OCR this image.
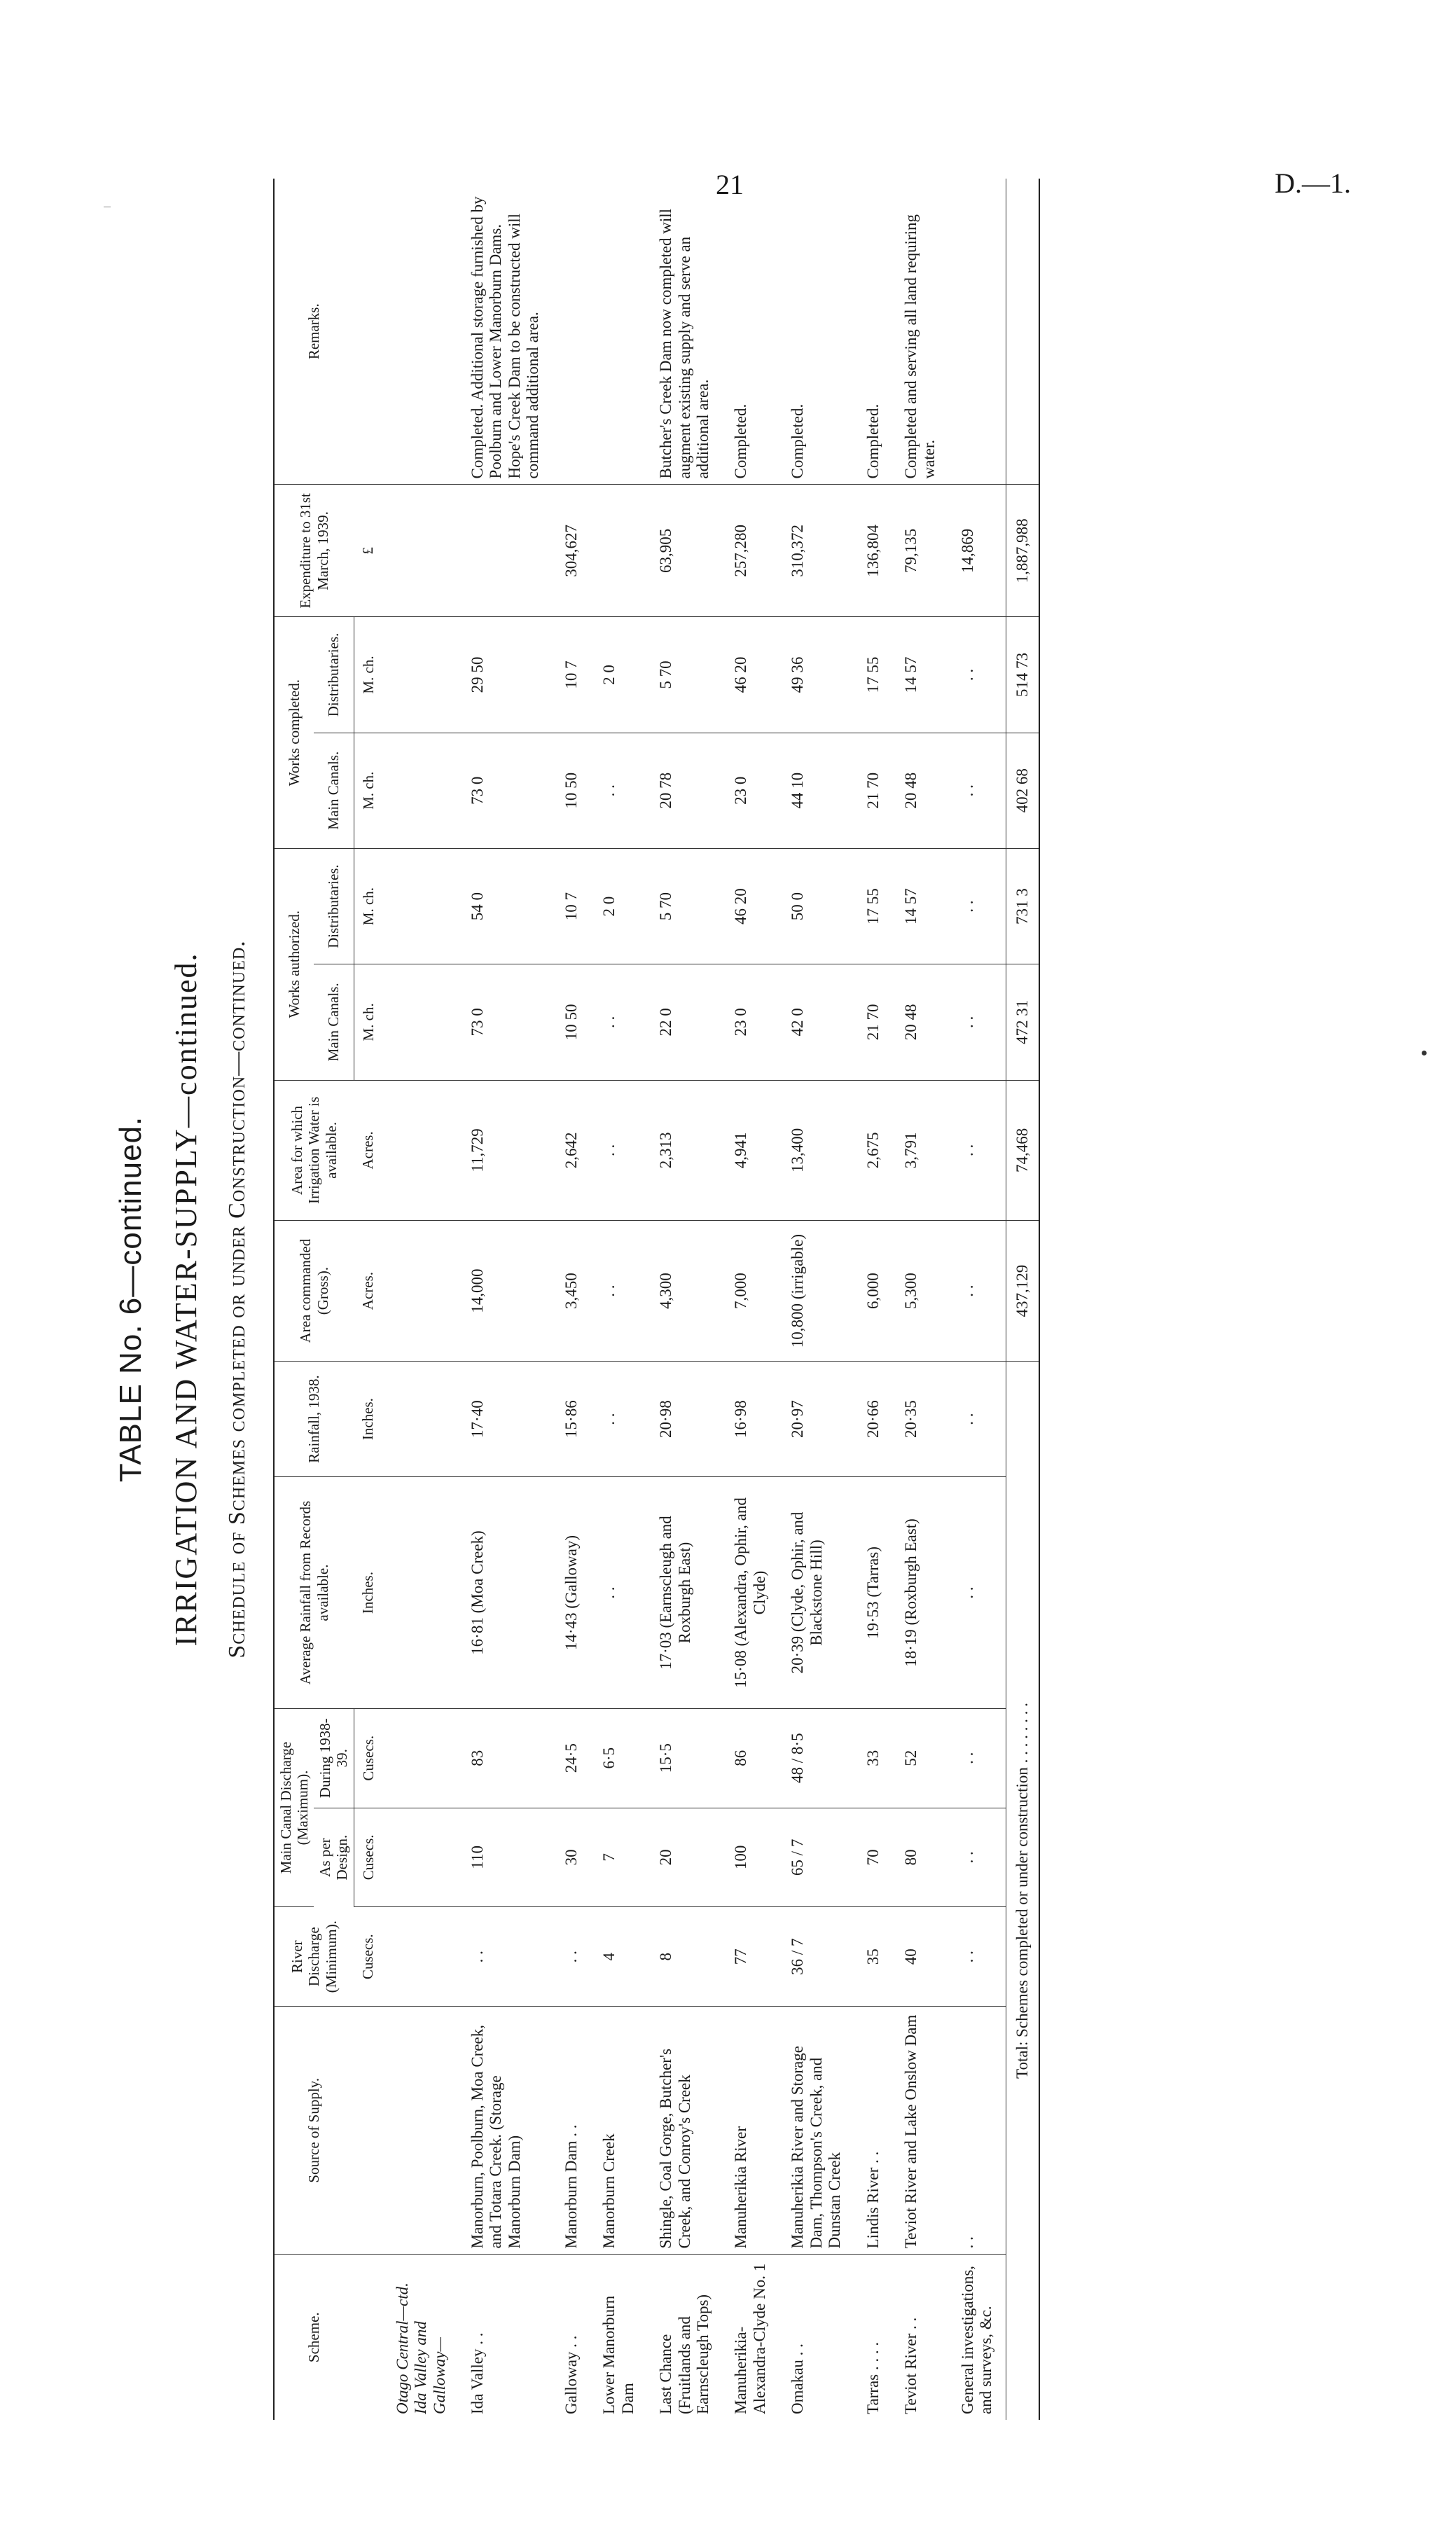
21	D.—1.
TABLE No. 6—continued. IRRIGATION AND WATER-SUPPLY—continued. Schedule of Schemes completed or under Construction—continued.
Scheme.	Source of Supply.	River Discharge (Minimum).	Main Canal Discharge (Maximum).		Average Rainfall from Records available.	Rainfall, 1938.	Area commanded (Gross).	Area for which Irrigation Water is available.	Works authorized.		Works completed.		Expenditure to 31st March, 1939.	Remarks.
			As per Design.	During 1938-39.					Main Canals.	Distributaries.	Main Canals.	Distributaries.		
		Cusecs.	Cusecs.	Cusecs.	Inches.	Inches.	Acres.	Acres.	M. ch.	M. ch.	M. ch.	M. ch.	£	
Otago Central—ctd. Ida Valley and Galloway—														
Ida Valley . .	Manorburn, Poolburn, Moa Creek, and Totara Creek. (Storage Manorburn Dam)	. .	110	83	16·81 (Moa Creek)	17·40	14,000	11,729	73 0	54 0	73 0	29 50		Completed. Additional storage furnished by Poolburn and Lower Manorburn Dams. Hope's Creek Dam to be constructed will command additional area.
Galloway . .	Manorburn Dam . .	. .	30	24·5	14·43 (Galloway)	15·86	3,450	2,642	10 50	10 7	10 50	10 7	304,627	
Lower Manorburn Dam	Manorburn Creek	4	7	6·5	. .	. .	. .	. .	. .	2 0	. .	2 0		
Last Chance (Fruitlands and Earnscleugh Tops)	Shingle, Coal Gorge, Butcher's Creek, and Conroy's Creek	8	20	15·5	17·03 (Earnscleugh and Roxburgh East)	20·98	4,300	2,313	22 0	5 70	20 78	5 70	63,905	Butcher's Creek Dam now completed will augment existing supply and serve an additional area.
Manuherikia-Alexandra-Clyde No. 1	Manuherikia River	77	100	86	15·08 (Alexandra, Ophir, and Clyde)	16·98	7,000	4,941	23 0	46 20	23 0	46 20	257,280	Completed.
Omakau . .	Manuherikia River and Storage Dam, Thompson's Creek, and Dunstan Creek	36 / 7	65 / 7	48 / 8·5	20·39 (Clyde, Ophir, and Blackstone Hill)	20·97	10,800 (irrigable)	13,400	42 0	50 0	44 10	49 36	310,372	Completed.
Tarras . . . .	Lindis River . .	35	70	33	19·53 (Tarras)	20·66	6,000	2,675	21 70	17 55	21 70	17 55	136,804	Completed.
Teviot River . .	Teviot River and Lake Onslow Dam	40	80	52	18·19 (Roxburgh East)	20·35	5,300	3,791	20 48	14 57	20 48	14 57	79,135	Completed and serving all land requiring water.
General investigations, and surveys, &c.	. .	. .	. .	. .	. .	. .	. .	. .	. .	. .	. .	. .	14,869	
Total: Schemes completed or under construction . . . . . . . .							437,129	74,468	472 31	731 3	402 68	514 73	1,887,988	
